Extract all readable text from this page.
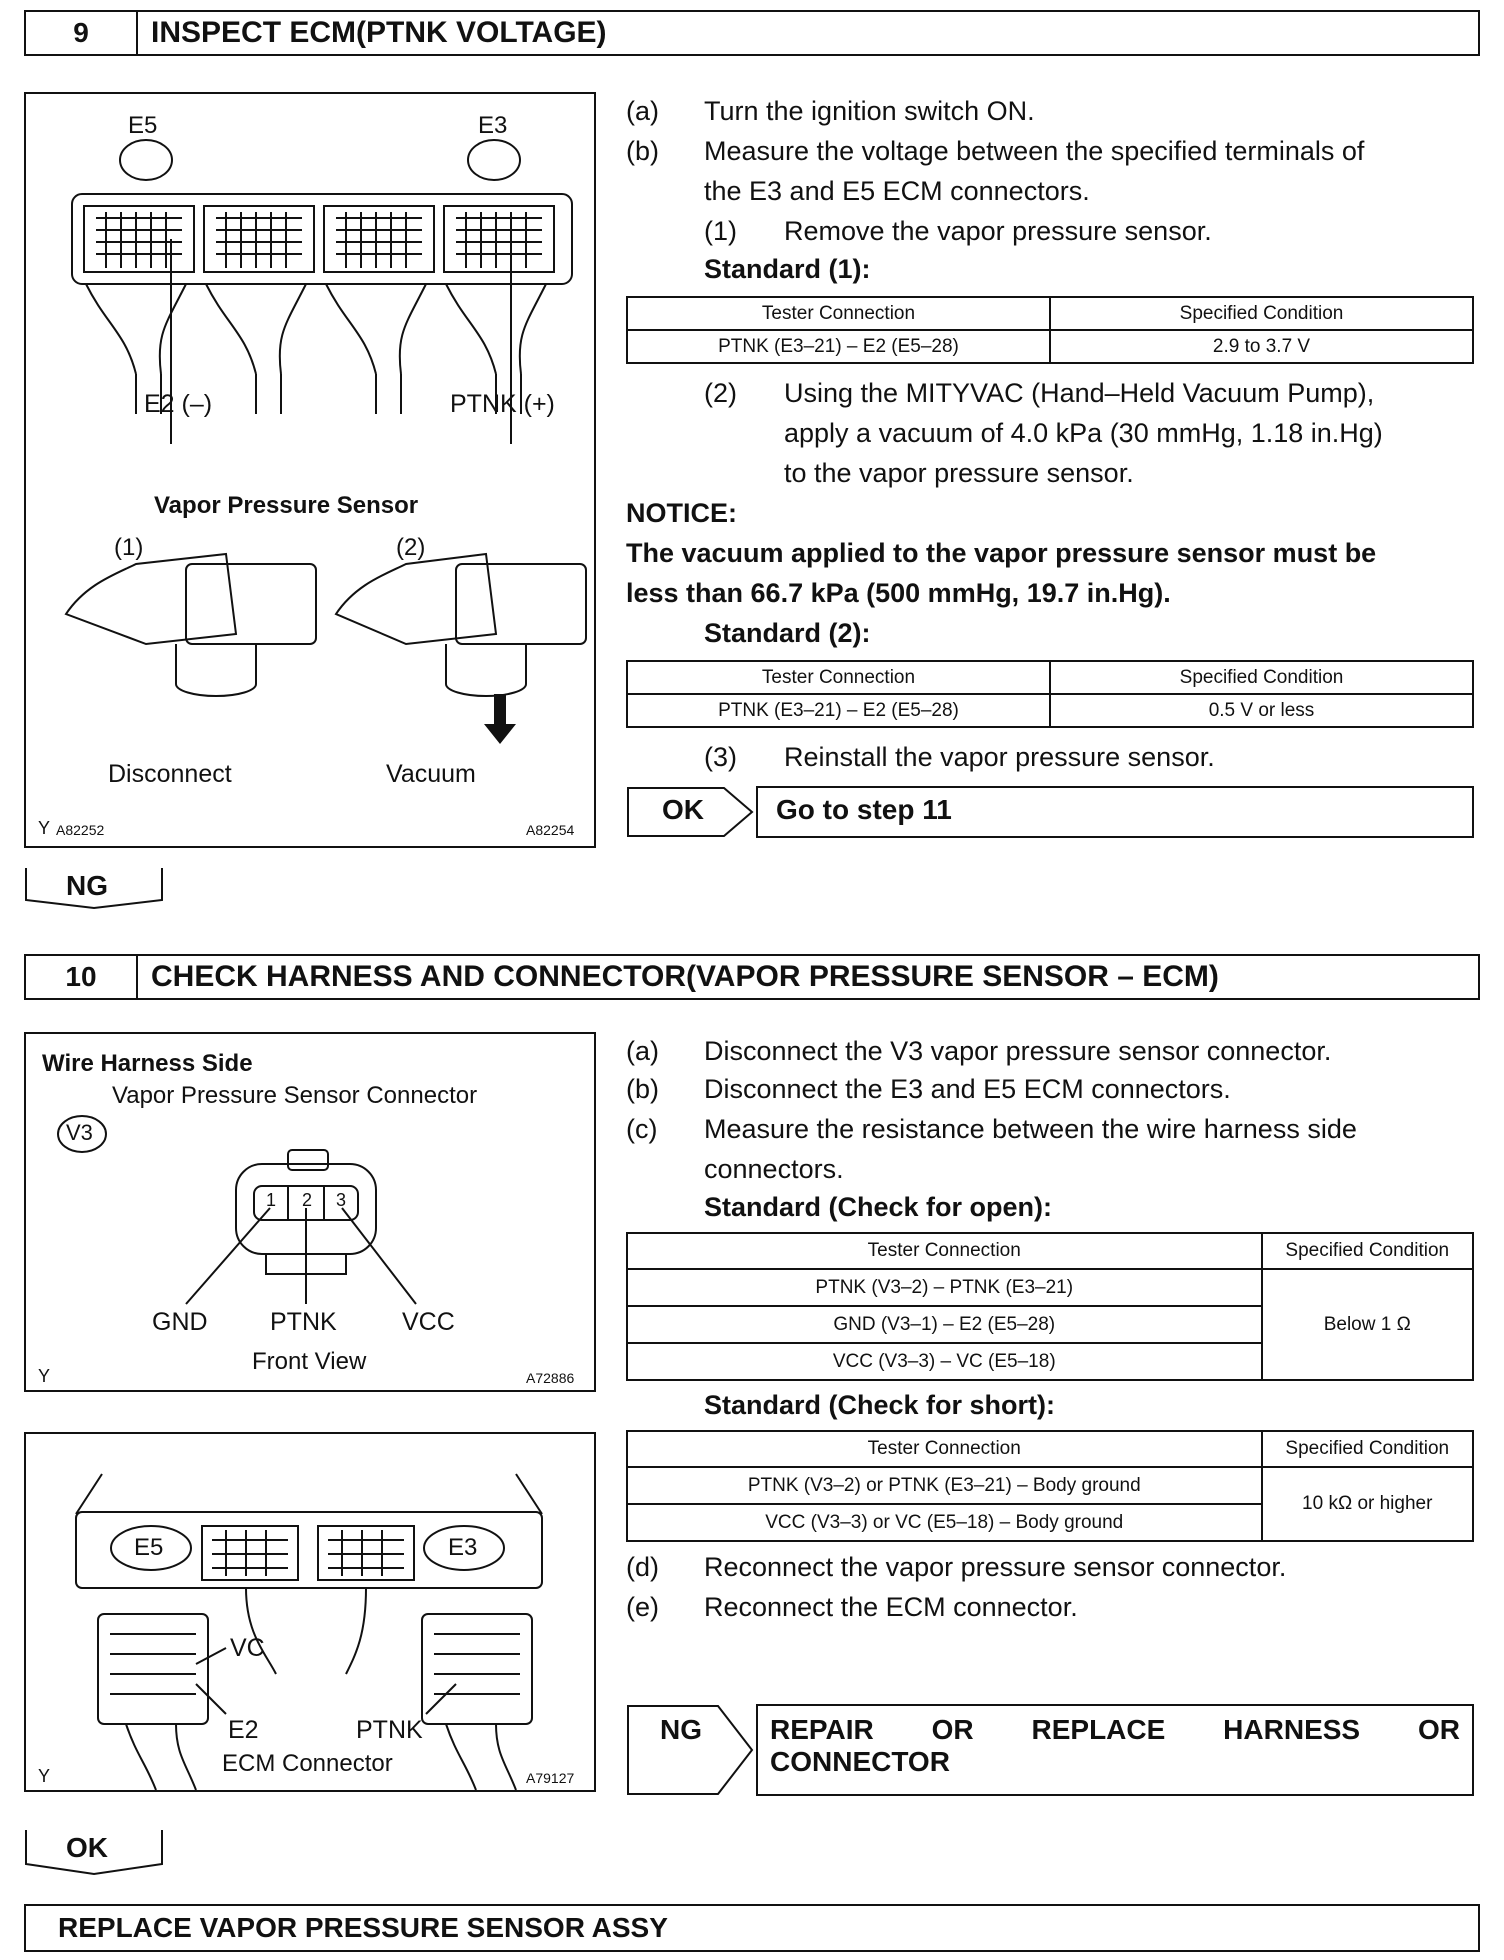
9	INSPECT ECM(PTNK VOLTAGE)
E5	E3
E2 (–)	PTNK (+)
Vapor Pressure Sensor
(1)	(2)
Disconnect	Vacuum
Y A82252	A82254
(a) Turn the ignition switch ON.
(b) Measure the voltage between the specified terminals of
the E3 and E5 ECM connectors.
(1) Remove the vapor pressure sensor.
Standard (1):
Tester Connection	Specified Condition
PTNK (E3–21) – E2 (E5–28)	2.9 to 3.7 V
(2) Using the MITYVAC (Hand–Held Vacuum Pump),
apply a vacuum of 4.0 kPa (30 mmHg, 1.18 in.Hg)
to the vapor pressure sensor.
NOTICE:
The vacuum applied to the vapor pressure sensor must be
less than 66.7 kPa (500 mmHg, 19.7 in.Hg).
Standard (2):
Tester Connection	Specified Condition
PTNK (E3–21) – E2 (E5–28)	0.5 V or less
(3) Reinstall the vapor pressure sensor.
OK	Go to step 11
NG
10	CHECK HARNESS AND CONNECTOR(VAPOR PRESSURE SENSOR – ECM)
Wire Harness Side
Vapor Pressure Sensor Connector
V3
1 2 3
GND PTNK	VCC
Front View
Y	A72886
E5	E3
VC
E2	PTNK
ECM Connector
Y	A79127
(a) Disconnect the V3 vapor pressure sensor connector.
(b) Disconnect the E3 and E5 ECM connectors.
(c) Measure the resistance between the wire harness side
connectors.
Standard (Check for open):
Tester Connection	Specified Condition
PTNK (V3–2) – PTNK (E3–21)	Below 1 Ω
GND (V3–1) – E2 (E5–28)	
VCC (V3–3) – VC (E5–18)	
Standard (Check for short):
Tester Connection	Specified Condition
PTNK (V3–2) or PTNK (E3–21) – Body ground	10 kΩ or higher
VCC (V3–3) or VC (E5–18) – Body ground	
(d) Reconnect the vapor pressure sensor connector.
(e) Reconnect the ECM connector.
NG REPAIR OR REPLACE HARNESS OR
CONNECTOR
OK
REPLACE VAPOR PRESSURE SENSOR ASSY
